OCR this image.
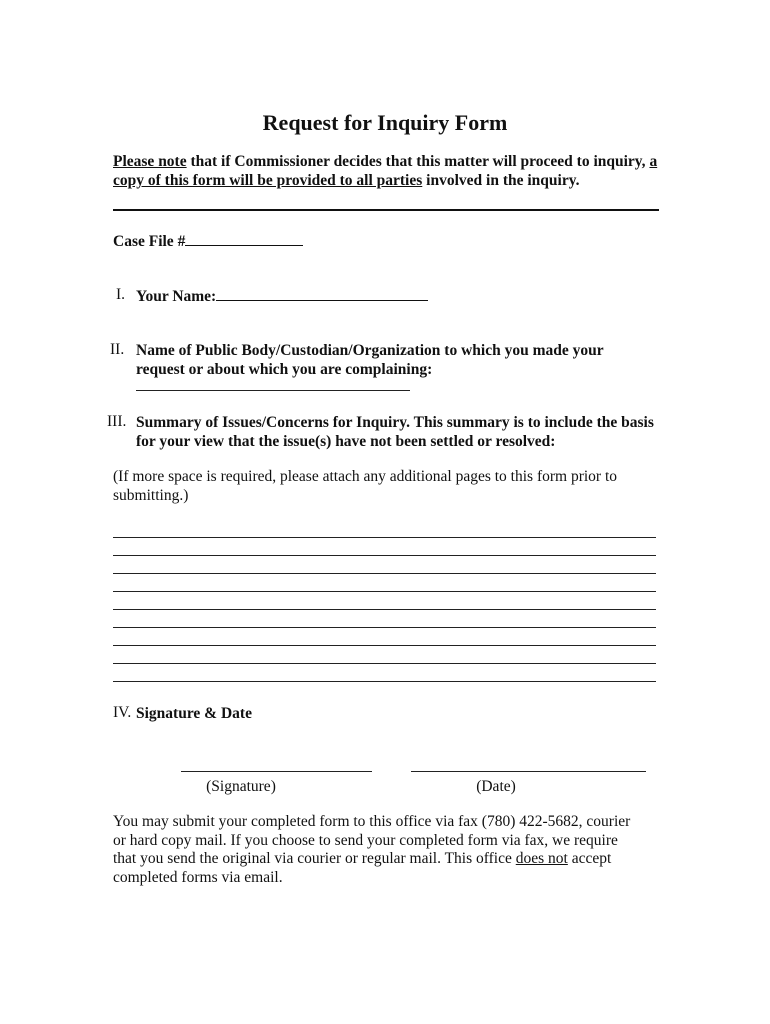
Request for Inquiry Form
Please note that if Commissioner decides that this matter will proceed to inquiry, a copy of this form will be provided to all parties involved in the inquiry.
Case File #
I. Your Name:
II. Name of Public Body/Custodian/Organization to which you made your request or about which you are complaining:
III. Summary of Issues/Concerns for Inquiry. This summary is to include the basis for your view that the issue(s) have not been settled or resolved:
(If more space is required, please attach any additional pages to this form prior to submitting.)
IV. Signature & Date
(Signature)	(Date)
You may submit your completed form to this office via fax (780) 422-5682, courier or hard copy mail. If you choose to send your completed form via fax, we require that you send the original via courier or regular mail. This office does not accept completed forms via email.
